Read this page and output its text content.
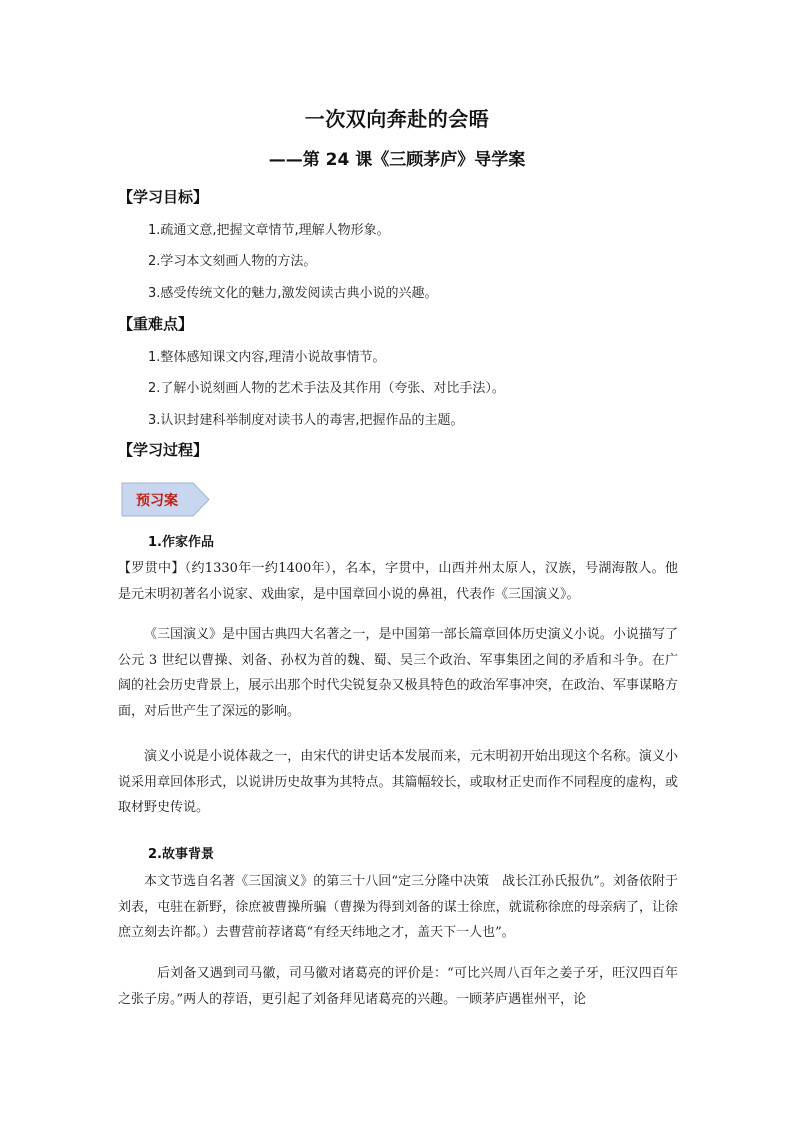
一次双向奔赴的会晤
——第 24 课《三顾茅庐》导学案
【学习目标】
1.疏通文意,把握文章情节,理解人物形象。
2.学习本文刻画人物的方法。
3.感受传统文化的魅力,激发阅读古典小说的兴趣。
【重难点】
1.整体感知课文内容,理清小说故事情节。
2.了解小说刻画人物的艺术手法及其作用（夸张、对比手法）。
3.认识封建科举制度对读书人的毒害,把握作品的主题。
【学习过程】
预习案
1.作家作品

【罗贯中】（约1330年一约1400年），名本，字贯中，山西并州太原人，汉族，号湖海散人。他是元末明初著名小说家、戏曲家，是中国章回小说的鼻祖，代表作《三国演义》。

《三国演义》是中国古典四大名著之一，是中国第一部长篇章回体历史演义小说。小说描写了公元 3 世纪以曹操、刘备、孙权为首的魏、蜀、吴三个政治、军事集团之间的矛盾和斗争。在广阔的社会历史背景上，展示出那个时代尖锐复杂又极具特色的政治军事冲突，在政治、军事谋略方面，对后世产生了深远的影响。

演义小说是小说体裁之一，由宋代的讲史话本发展而来，元末明初开始出现这个名称。演义小说采用章回体形式，以说讲历史故事为其特点。其篇幅较长，或取材正史而作不同程度的虚构，或取材野史传说。

2.故事背景

本文节选自名著《三国演义》的第三十八回“定三分隆中决策　战长江孙氏报仇”。刘备依附于刘表，屯驻在新野，徐庶被曹操所骗（曹操为得到刘备的谋士徐庶，就谎称徐庶的母亲病了，让徐庶立刻去许都。）去曹营前荐诸葛“有经天纬地之才，盖天下一人也”。

后刘备又遇到司马徽，司马徽对诸葛亮的评价是：“可比兴周八百年之姜子牙，旺汉四百年之张子房。”两人的荐语，更引起了刘备拜见诸葛亮的兴趣。一顾茅庐遇崔州平，论
